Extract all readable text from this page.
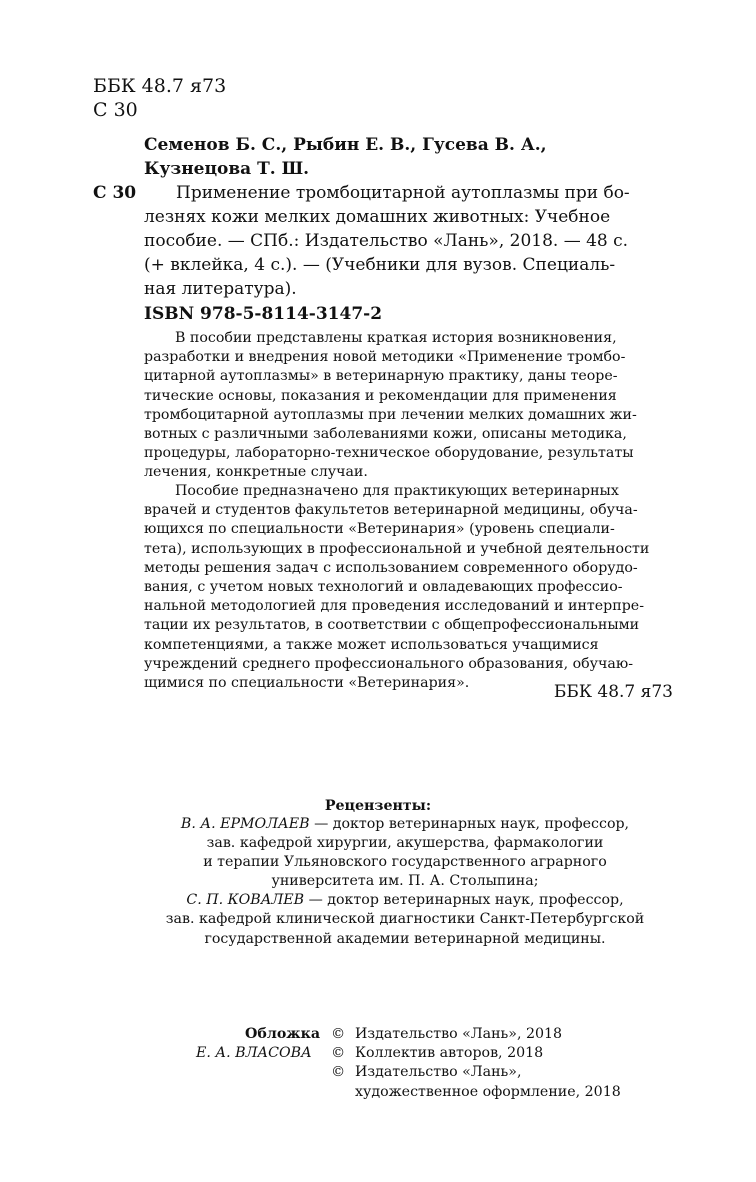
ББК 48.7 я73
С 30
Семенов Б. С., Рыбин Е. В., Гусева В. А.,
Кузнецова Т. Ш.
С 30 Применение тромбоцитарной аутоплазмы при бо-
лезнях кожи мелких домашних животных: Учебное
пособие. — СПб.: Издательство «Лань», 2018. — 48 с.
(+ вклейка, 4 с.). — (Учебники для вузов. Специаль-
ная литература).
ISBN 978-5-8114-3147-2
В пособии представлены краткая история возникновения,
разработки и внедрения новой методики «Применение тромбо-
цитарной аутоплазмы» в ветеринарную практику, даны теоре-
тические основы, показания и рекомендации для применения
тромбоцитарной аутоплазмы при лечении мелких домашних жи-
вотных с различными заболеваниями кожи, описаны методика,
процедуры, лабораторно-техническое оборудование, результаты
лечения, конкретные случаи.
Пособие предназначено для практикующих ветеринарных
врачей и студентов факультетов ветеринарной медицины, обуча-
ющихся по специальности «Ветеринария» (уровень специали-
тета), использующих в профессиональной и учебной деятельности
методы решения задач с использованием современного оборудо-
вания, с учетом новых технологий и овладевающих профессио-
нальной методологией для проведения исследований и интерпре-
тации их результатов, в соответствии с общепрофессиональными
компетенциями, а также может использоваться учащимися
учреждений среднего профессионального образования, обучаю-
щимися по специальности «Ветеринария».	ББК 48.7 я73
Рецензенты:
В. А. ЕРМОЛАЕВ — доктор ветеринарных наук, профессор,
зав. кафедрой хирургии, акушерства, фармакологии
и терапии Ульяновского государственного аграрного
университета им. П. А. Столыпина;
С. П. КОВАЛЕВ — доктор ветеринарных наук, профессор,
зав. кафедрой клинической диагностики Санкт-Петербургской
государственной академии ветеринарной медицины.
Обложка
Е. А. ВЛАСОВА
© Издательство «Лань», 2018
© Коллектив авторов, 2018
© Издательство «Лань»,
художественное оформление, 2018
